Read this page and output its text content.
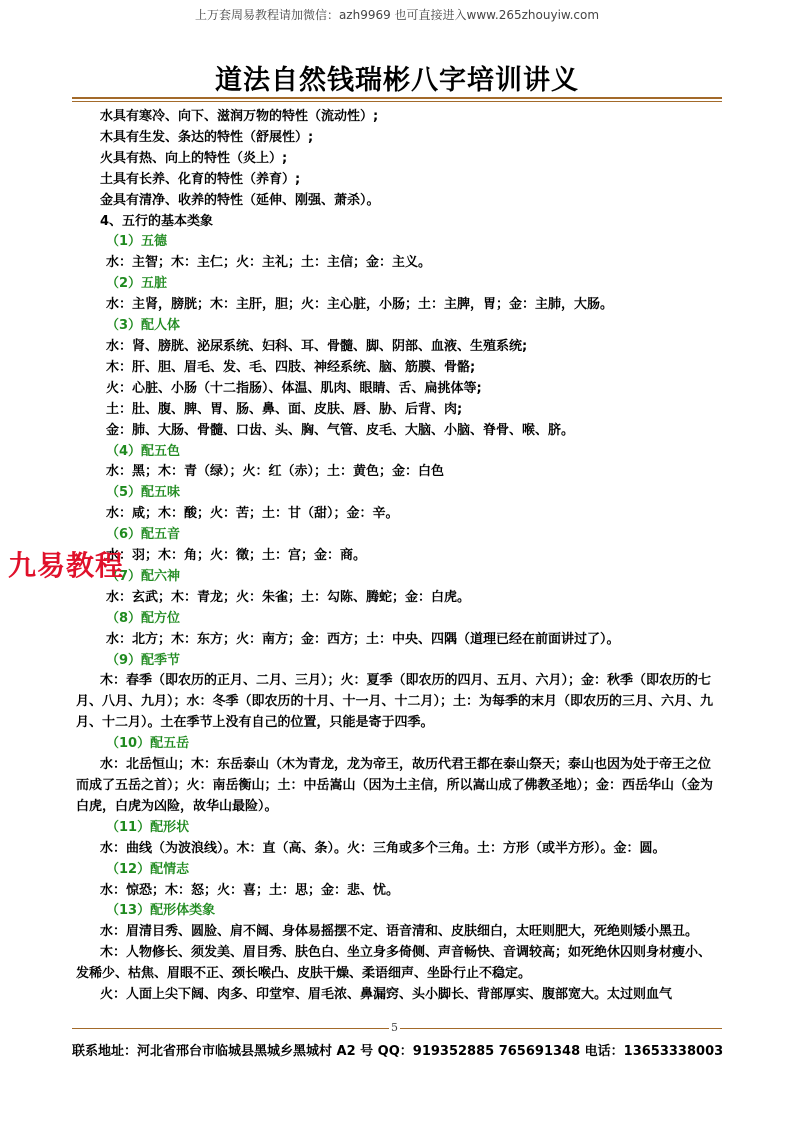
上万套周易教程请加微信：azh9969 也可直接进入www.265zhouyiw.com
道法自然钱瑞彬八字培训讲义

水具有寒冷、向下、滋润万物的特性（流动性）;

木具有生发、条达的特性（舒展性）;

火具有热、向上的特性（炎上）;

土具有长养、化育的特性（养育）;

金具有清净、收养的特性（延伸、刚强、萧杀）。

4、五行的基本类象

（1）五德

水：主智；木：主仁；火：主礼；土：主信；金：主义。

（2）五脏

水：主肾，膀胱；木：主肝，胆；火：主心脏，小肠；土：主脾，胃；金：主肺，大肠。

（3）配人体

水：肾、膀胱、泌尿系统、妇科、耳、骨髓、脚、阴部、血液、生殖系统;

木：肝、胆、眉毛、发、毛、四肢、神经系统、脑、筋膜、骨骼;

火：心脏、小肠（十二指肠）、体温、肌肉、眼睛、舌、扁挑体等;

土：肚、腹、脾、胃、肠、鼻、面、皮肤、唇、胁、后背、肉;

金：肺、大肠、骨髓、口齿、头、胸、气管、皮毛、大脑、小脑、脊骨、喉、脐。

（4）配五色

水：黑；木：青（绿）；火：红（赤）；土：黄色；金：白色

（5）配五味

水：咸；木：酸；火：苦；土：甘（甜）；金：辛。

（6）配五音

水：羽；木：角；火：徵；土：宫；金：商。

（7）配六神

水：玄武；木：青龙；火：朱雀；土：勾陈、腾蛇；金：白虎。

（8）配方位

水：北方；木：东方；火：南方；金：西方；土：中央、四隅（道理已经在前面讲过了）。

（9）配季节

木：春季（即农历的正月、二月、三月）；火：夏季（即农历的四月、五月、六月）；金：秋季（即农历的七月、八月、九月）；水：冬季（即农历的十月、十一月、十二月）；土：为每季的末月（即农历的三月、六月、九月、十二月）。土在季节上没有自己的位置，只能是寄于四季。

（10）配五岳

水：北岳恒山；木：东岳泰山（木为青龙，龙为帝王，故历代君王都在泰山祭天；泰山也因为处于帝王之位而成了五岳之首）；火：南岳衡山；土：中岳嵩山（因为土主信，所以嵩山成了佛教圣地）；金：西岳华山（金为白虎，白虎为凶险，故华山最险）。

（11）配形状

水：曲线（为波浪线）。木：直（高、条）。火：三角或多个三角。土：方形（或半方形）。金：圆。

（12）配情志

水：惊恐；木：怒；火：喜；土：思；金：悲、忧。

（13）配形体类象

水：眉清目秀、圆脸、肩不阔、身体易摇摆不定、语音清和、皮肤细白，太旺则肥大，死绝则矮小黑丑。

木：人物修长、须发美、眉目秀、肤色白、坐立身多倚侧、声音畅快、音调较高；如死绝休囚则身材瘦小、发稀少、枯焦、眉眼不正、颈长喉凸、皮肤干燥、柔语细声、坐卧行止不稳定。

火：人面上尖下阔、肉多、印堂窄、眉毛浓、鼻漏窍、头小脚长、背部厚实、腹部宽大。太过则血气

九易教程
5
联系地址：河北省邢台市临城县黑城乡黑城村 A2 号 QQ：919352885 765691348 电话：13653338003
